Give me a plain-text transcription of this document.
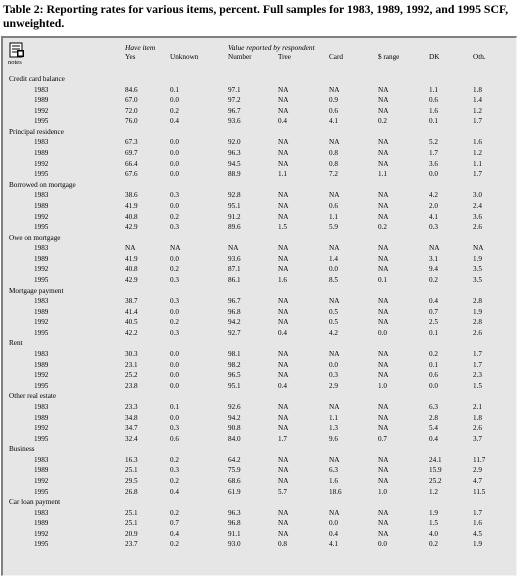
Table 2: Reporting rates for various items, percent. Full samples for 1983, 1989, 1992, and 1995 SCF, unweighted.
notes
Have item	Value reported by respondent
Yes	Unknown	Number	Tree	Card	$ range	DK	Oth.
Credit card balance
1983	84.6	0.1	97.1	NA	NA	NA	1.1	1.8
1989	67.0	0.0	97.2	NA	0.9	NA	0.6	1.4
1992	72.0	0.2	96.7	NA	0.6	NA	1.6	1.2
1995	76.0	0.4	93.6	0.4	4.1	0.2	0.1	1.7
Principal residence
1983	67.3	0.0	92.0	NA	NA	NA	5.2	1.6
1989	69.7	0.0	96.3	NA	0.8	NA	1.7	1.2
1992	66.4	0.0	94.5	NA	0.8	NA	3.6	1.1
1995	67.6	0.0	88.9	1.1	7.2	1.1	0.0	1.7
Borrowed on mortgage
1983	38.6	0.3	92.8	NA	NA	NA	4.2	3.0
1989	41.9	0.0	95.1	NA	0.6	NA	2.0	2.4
1992	40.8	0.2	91.2	NA	1.1	NA	4.1	3.6
1995	42.9	0.3	89.6	1.5	5.9	0.2	0.3	2.6
Owe on mortgage
1983	NA	NA	NA	NA	NA	NA	NA	NA
1989	41.9	0.0	93.6	NA	1.4	NA	3.1	1.9
1992	40.8	0.2	87.1	NA	0.0	NA	9.4	3.5
1995	42.9	0.3	86.1	1.6	8.5	0.1	0.2	3.5
Mortgage payment
1983	38.7	0.3	96.7	NA	NA	NA	0.4	2.8
1989	41.4	0.0	96.8	NA	0.5	NA	0.7	1.9
1992	40.5	0.2	94.2	NA	0.5	NA	2.5	2.8
1995	42.2	0.3	92.7	0.4	4.2	0.0	0.1	2.6
Rent
1983	30.3	0.0	98.1	NA	NA	NA	0.2	1.7
1989	23.1	0.0	98.2	NA	0.0	NA	0.1	1.7
1992	25.2	0.0	96.5	NA	0.3	NA	0.6	2.3
1995	23.8	0.0	95.1	0.4	2.9	1.0	0.0	1.5
Other real estate
1983	23.3	0.1	92.6	NA	NA	NA	6.3	2.1
1989	34.8	0.0	94.2	NA	1.1	NA	2.8	1.8
1992	34.7	0.3	90.8	NA	1.3	NA	5.4	2.6
1995	32.4	0.6	84.0	1.7	9.6	0.7	0.4	3.7
Business
1983	16.3	0.2	64.2	NA	NA	NA	24.1	11.7
1989	25.1	0.3	75.9	NA	6.3	NA	15.9	2.9
1992	29.5	0.2	68.6	NA	1.6	NA	25.2	4.7
1995	26.8	0.4	61.9	5.7	18.6	1.0	1.2	11.5
Car loan payment
1983	25.1	0.2	96.3	NA	NA	NA	1.9	1.7
1989	25.1	0.7	96.8	NA	0.0	NA	1.5	1.6
1992	20.9	0.4	91.1	NA	0.4	NA	4.0	4.5
1995	23.7	0.2	93.0	0.8	4.1	0.0	0.2	1.9
